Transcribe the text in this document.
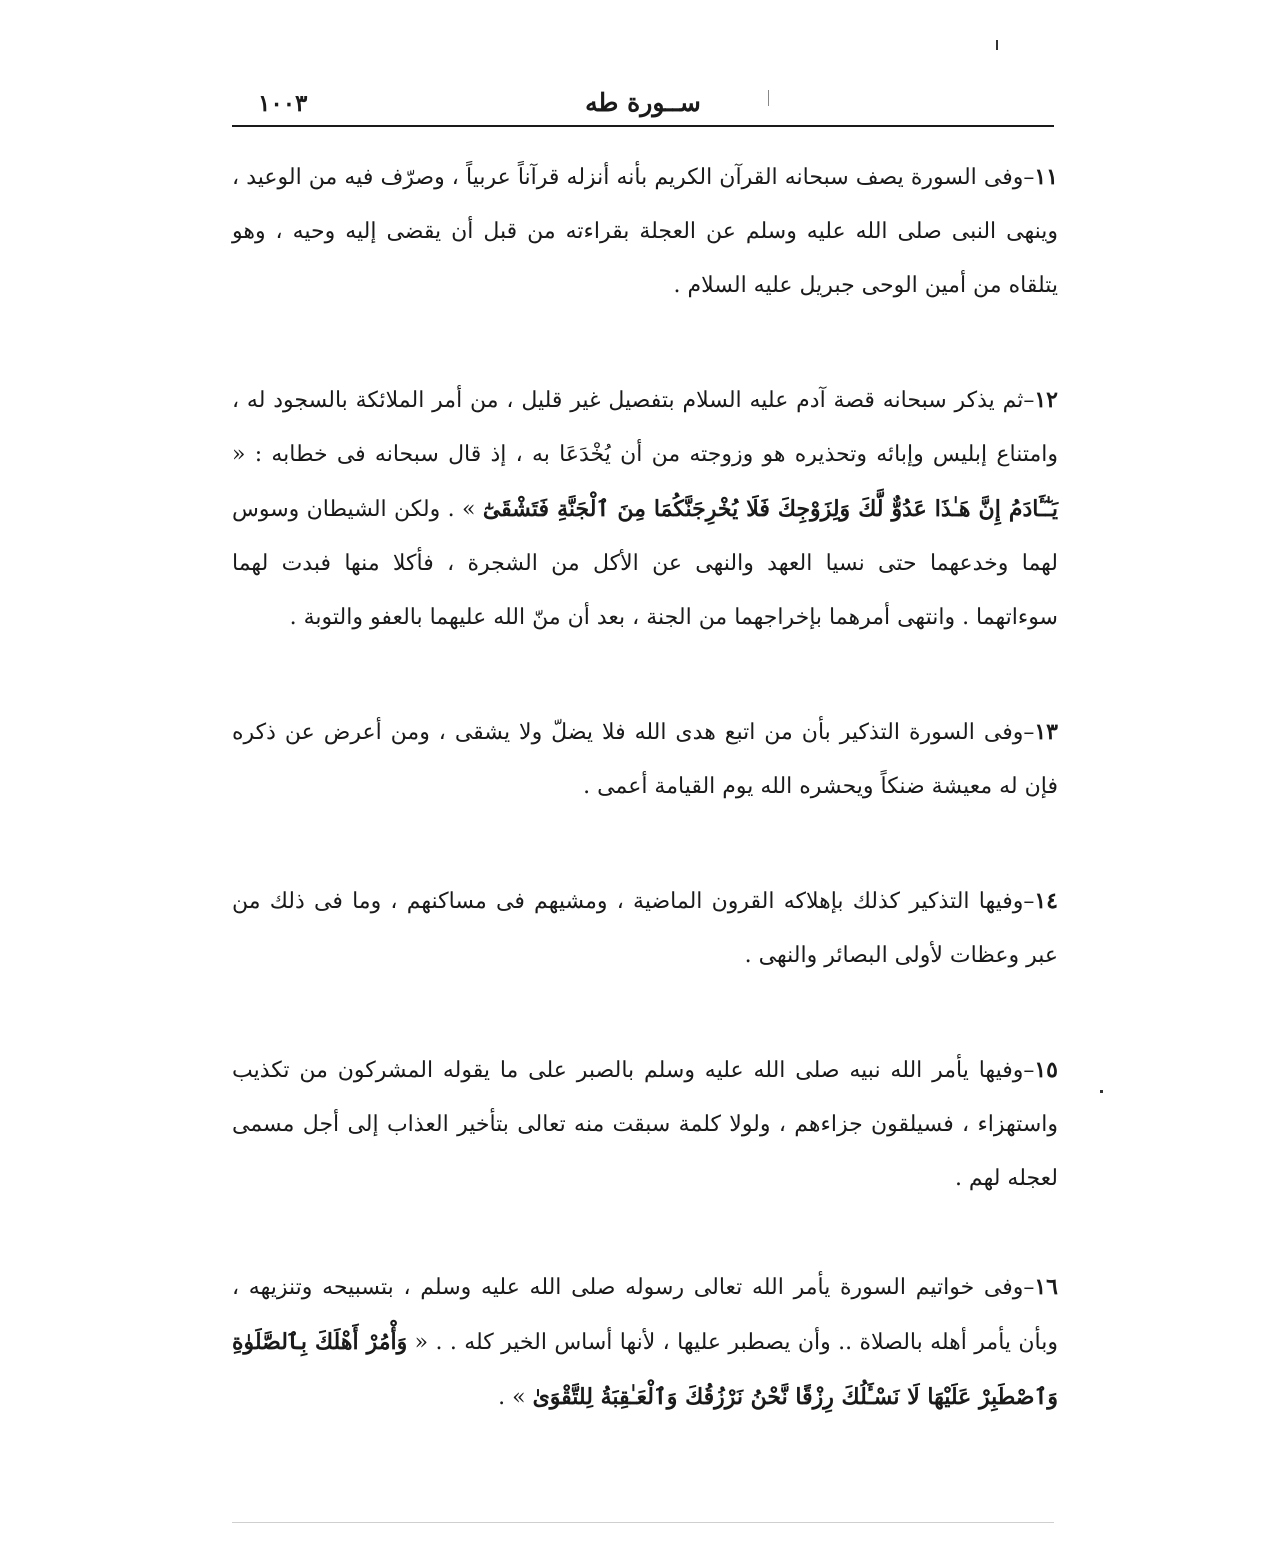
ســورة طه
١٠٠٣

١١–وفى السورة يصف سبحانه القرآن الكريم بأنه أنزله قرآناً عربياً ، وصرّف فيه من الوعيد ، وينهى النبى صلى الله عليه وسلم عن العجلة بقراءته من قبل أن يقضى إليه وحيه ، وهو يتلقاه من أمين الوحى جبريل عليه السلام .

١٢–ثم يذكر سبحانه قصة آدم عليه السلام بتفصيل غير قليل ، من أمر الملائكة بالسجود له ، وامتناع إبليس وإبائه وتحذيره هو وزوجته من أن يُخْدَعَا به ، إذ قال سبحانه فى خطابه : « يَـٰٓـَٔادَمُ إِنَّ هَـٰذَا عَدُوٌّ لَّكَ وَلِزَوْجِكَ فَلَا يُخْرِجَنَّكُمَا مِنَ ٱلْجَنَّةِ فَتَشْقَىٰٓ » . ولكن الشيطان وسوس لهما وخدعهما حتى نسيا العهد والنهى عن الأكل من الشجرة ، فأكلا منها فبدت لهما سوءاتهما . وانتهى أمرهما بإخراجهما من الجنة ، بعد أن منّ الله عليهما بالعفو والتوبة .

١٣–وفى السورة التذكير بأن من اتبع هدى الله فلا يضلّ ولا يشقى ، ومن أعرض عن ذكره فإن له معيشة ضنكاً ويحشره الله يوم القيامة أعمى .

١٤–وفيها التذكير كذلك بإهلاكه القرون الماضية ، ومشيهم فى مساكنهم ، وما فى ذلك من عبر وعظات لأولى البصائر والنهى .

١٥–وفيها يأمر الله نبيه صلى الله عليه وسلم بالصبر على ما يقوله المشركون من تكذيب واستهزاء ، فسيلقون جزاءهم ، ولولا كلمة سبقت منه تعالى بتأخير العذاب إلى أجل مسمى لعجله لهم .

١٦–وفى خواتيم السورة يأمر الله تعالى رسوله صلى الله عليه وسلم ، بتسبيحه وتنزيهه ، وبأن يأمر أهله بالصلاة .. وأن يصطبر عليها ، لأنها أساس الخير كله . . « وَأْمُرْ أَهْلَكَ بِٱلصَّلَوٰةِ وَٱصْطَبِرْ عَلَيْهَا لَا نَسْـَٔلُكَ رِزْقًا نَّحْنُ نَرْزُقُكَ وَٱلْعَـٰقِبَةُ لِلتَّقْوَىٰ » .
